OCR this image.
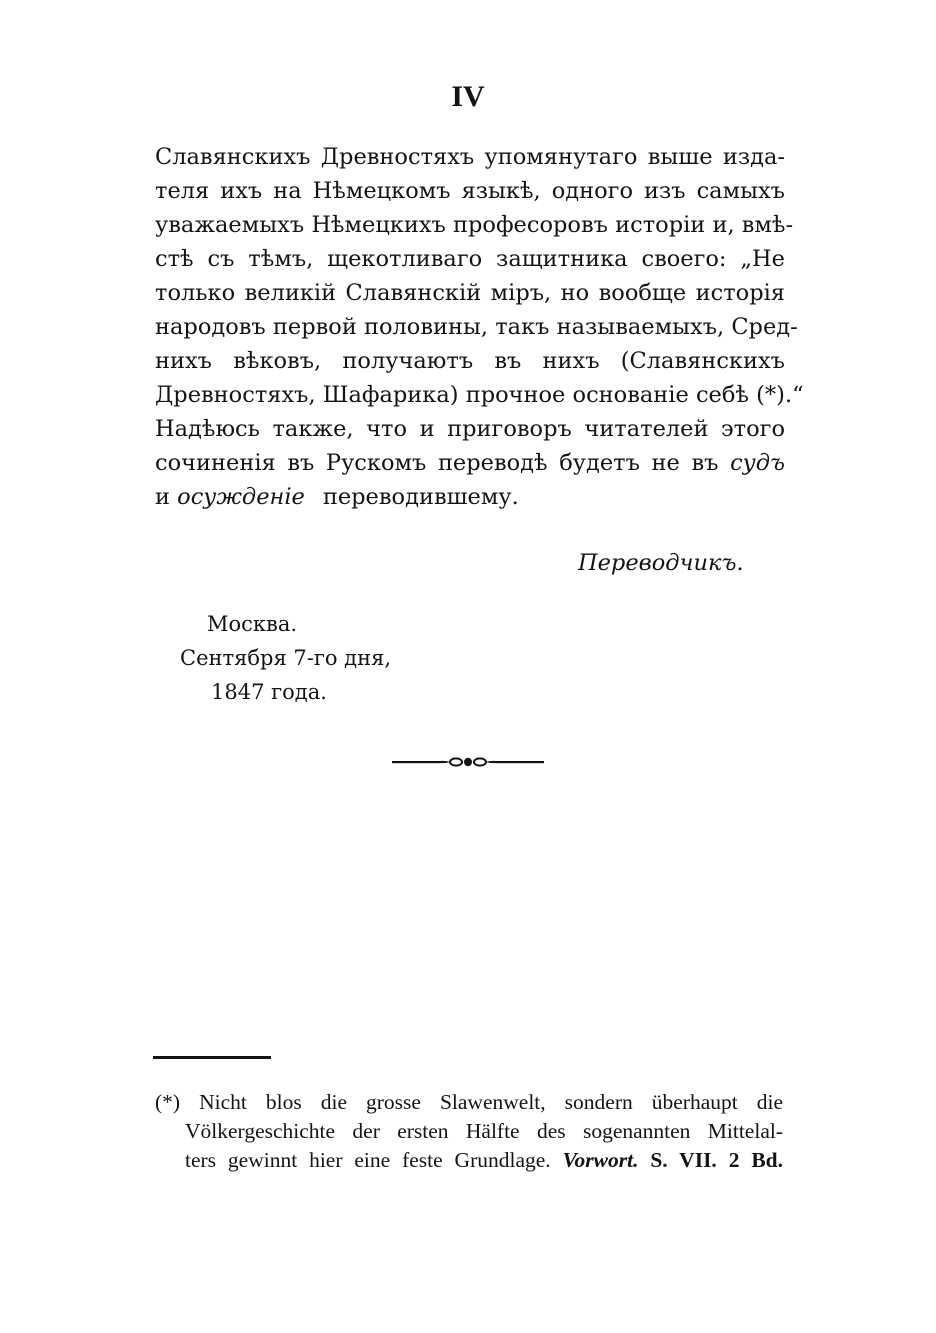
IV
Славянскихъ Древностяхъ упомянутаго выше изда-
теля ихъ на Нѣмецкомъ языкѣ, одного изъ самыхъ
уважаемыхъ Нѣмецкихъ професоровъ исторіи и, вмѣ-
стѣ съ тѣмъ, щекотливаго защитника своего: „Не
только великій Славянскій міръ, но вообще исторія
народовъ первой половины, такъ называемыхъ, Сред-
нихъ вѣковъ, получаютъ въ нихъ (Славянскихъ
Древностяхъ, Шафарика) прочное основаніе себѣ (*).“
Надѣюсь также, что и приговоръ читателей этого
сочиненія въ Рускомъ переводѣ будетъ не въ судъ
и осужденіе переводившему.
Переводчикъ.
Москва.
Сентября 7-го дня,
1847 года.
(*) Nicht blos die grosse Slawenwelt, sondern überhaupt die
Völkergeschichte der ersten Hälfte des sogenannten Mittelal-
ters gewinnt hier eine feste Grundlage. Vorwort. S. VII. 2 Bd.
